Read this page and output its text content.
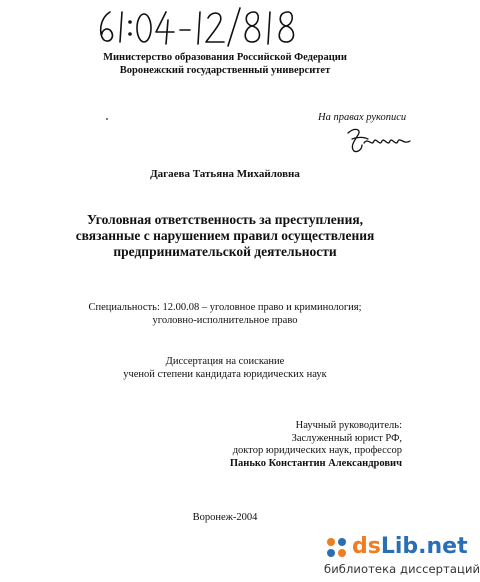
Министерство образования Российской Федерации
Воронежский государственный университет
На правах рукописи
Дагаева Татьяна Михайловна
Уголовная ответственность за преступления,
связанные с нарушением правил осуществления
предпринимательской деятельности
Специальность: 12.00.08 – уголовное право и криминология;
уголовно-исполнительное право
Диссертация на соискание
ученой степени кандидата юридических наук
Научный руководитель:
Заслуженный юрист РФ,
доктор юридических наук, профессор
Панько Константин Александрович
Воронеж-2004
dsLib.net
библиотека диссертаций
